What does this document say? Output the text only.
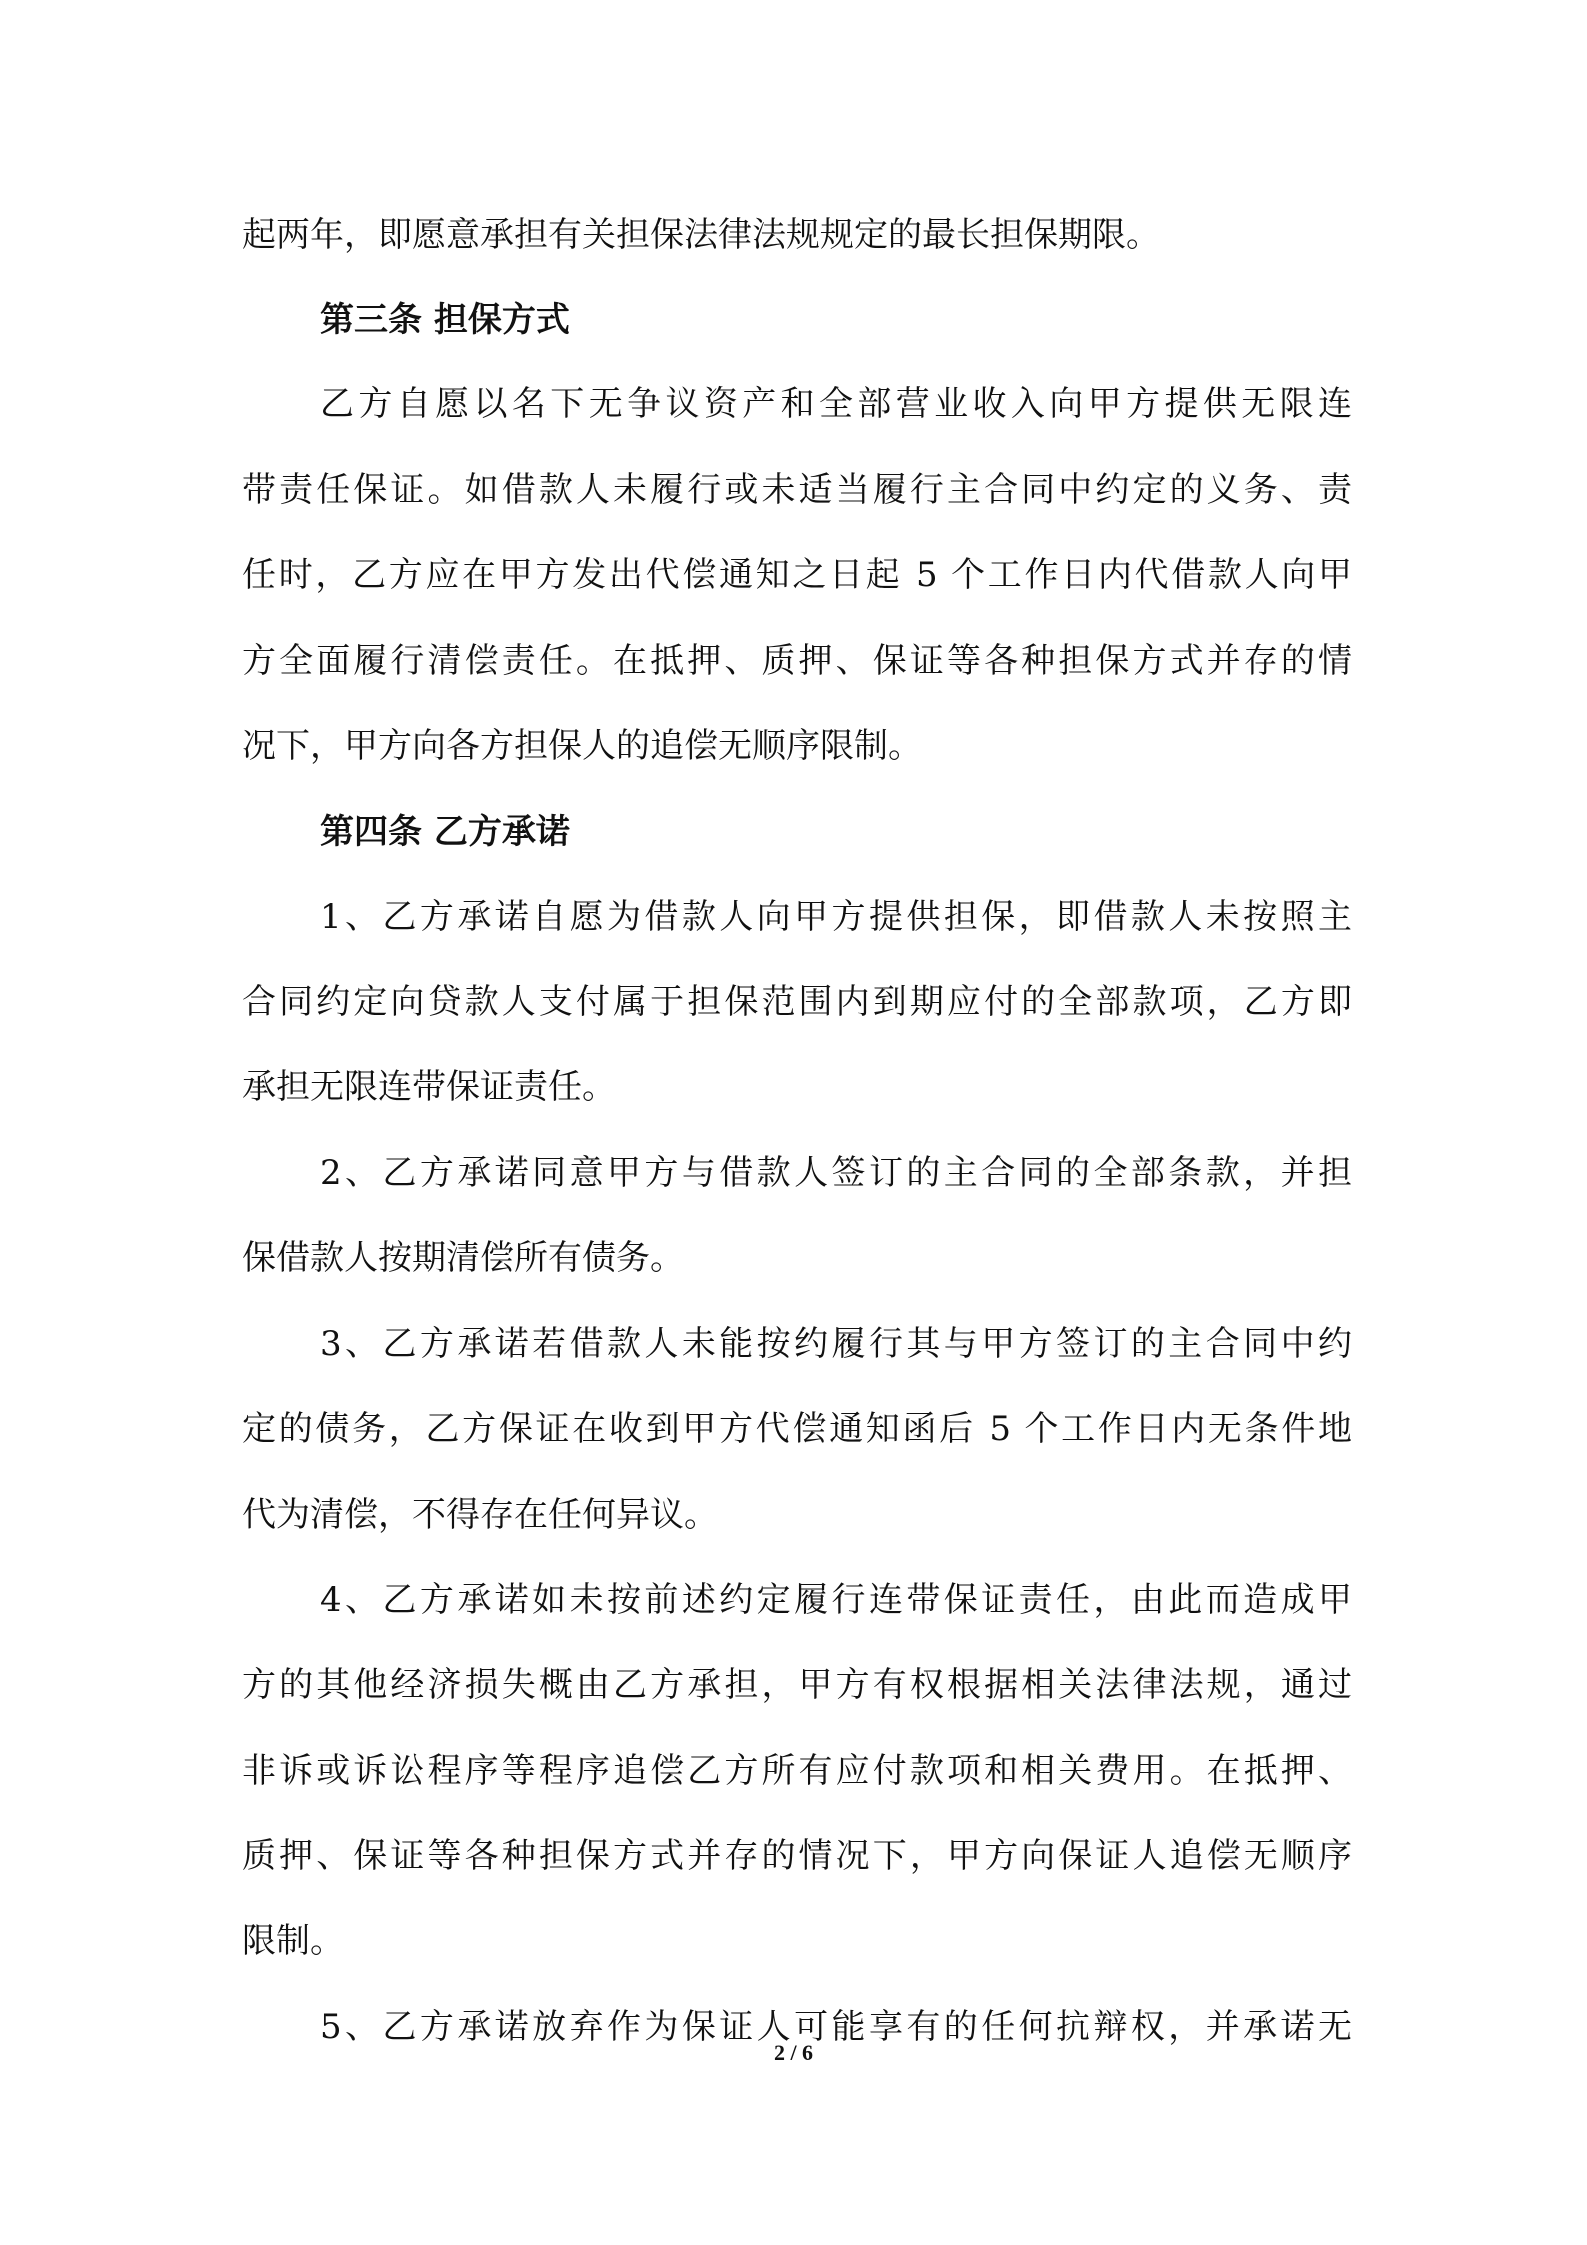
起两年，即愿意承担有关担保法律法规规定的最长担保期限。
第三条 担保方式
乙方自愿以名下无争议资产和全部营业收入向甲方提供无限连
带责任保证。如借款人未履行或未适当履行主合同中约定的义务、责
任时，乙方应在甲方发出代偿通知之日起 5 个工作日内代借款人向甲
方全面履行清偿责任。在抵押、质押、保证等各种担保方式并存的情
况下，甲方向各方担保人的追偿无顺序限制。
第四条 乙方承诺
1、乙方承诺自愿为借款人向甲方提供担保，即借款人未按照主
合同约定向贷款人支付属于担保范围内到期应付的全部款项，乙方即
承担无限连带保证责任。
2、乙方承诺同意甲方与借款人签订的主合同的全部条款，并担
保借款人按期清偿所有债务。
3、乙方承诺若借款人未能按约履行其与甲方签订的主合同中约
定的债务，乙方保证在收到甲方代偿通知函后 5 个工作日内无条件地
代为清偿，不得存在任何异议。
4、乙方承诺如未按前述约定履行连带保证责任，由此而造成甲
方的其他经济损失概由乙方承担，甲方有权根据相关法律法规，通过
非诉或诉讼程序等程序追偿乙方所有应付款项和相关费用。在抵押、
质押、保证等各种担保方式并存的情况下，甲方向保证人追偿无顺序
限制。
5、乙方承诺放弃作为保证人可能享有的任何抗辩权，并承诺无
2 / 6
